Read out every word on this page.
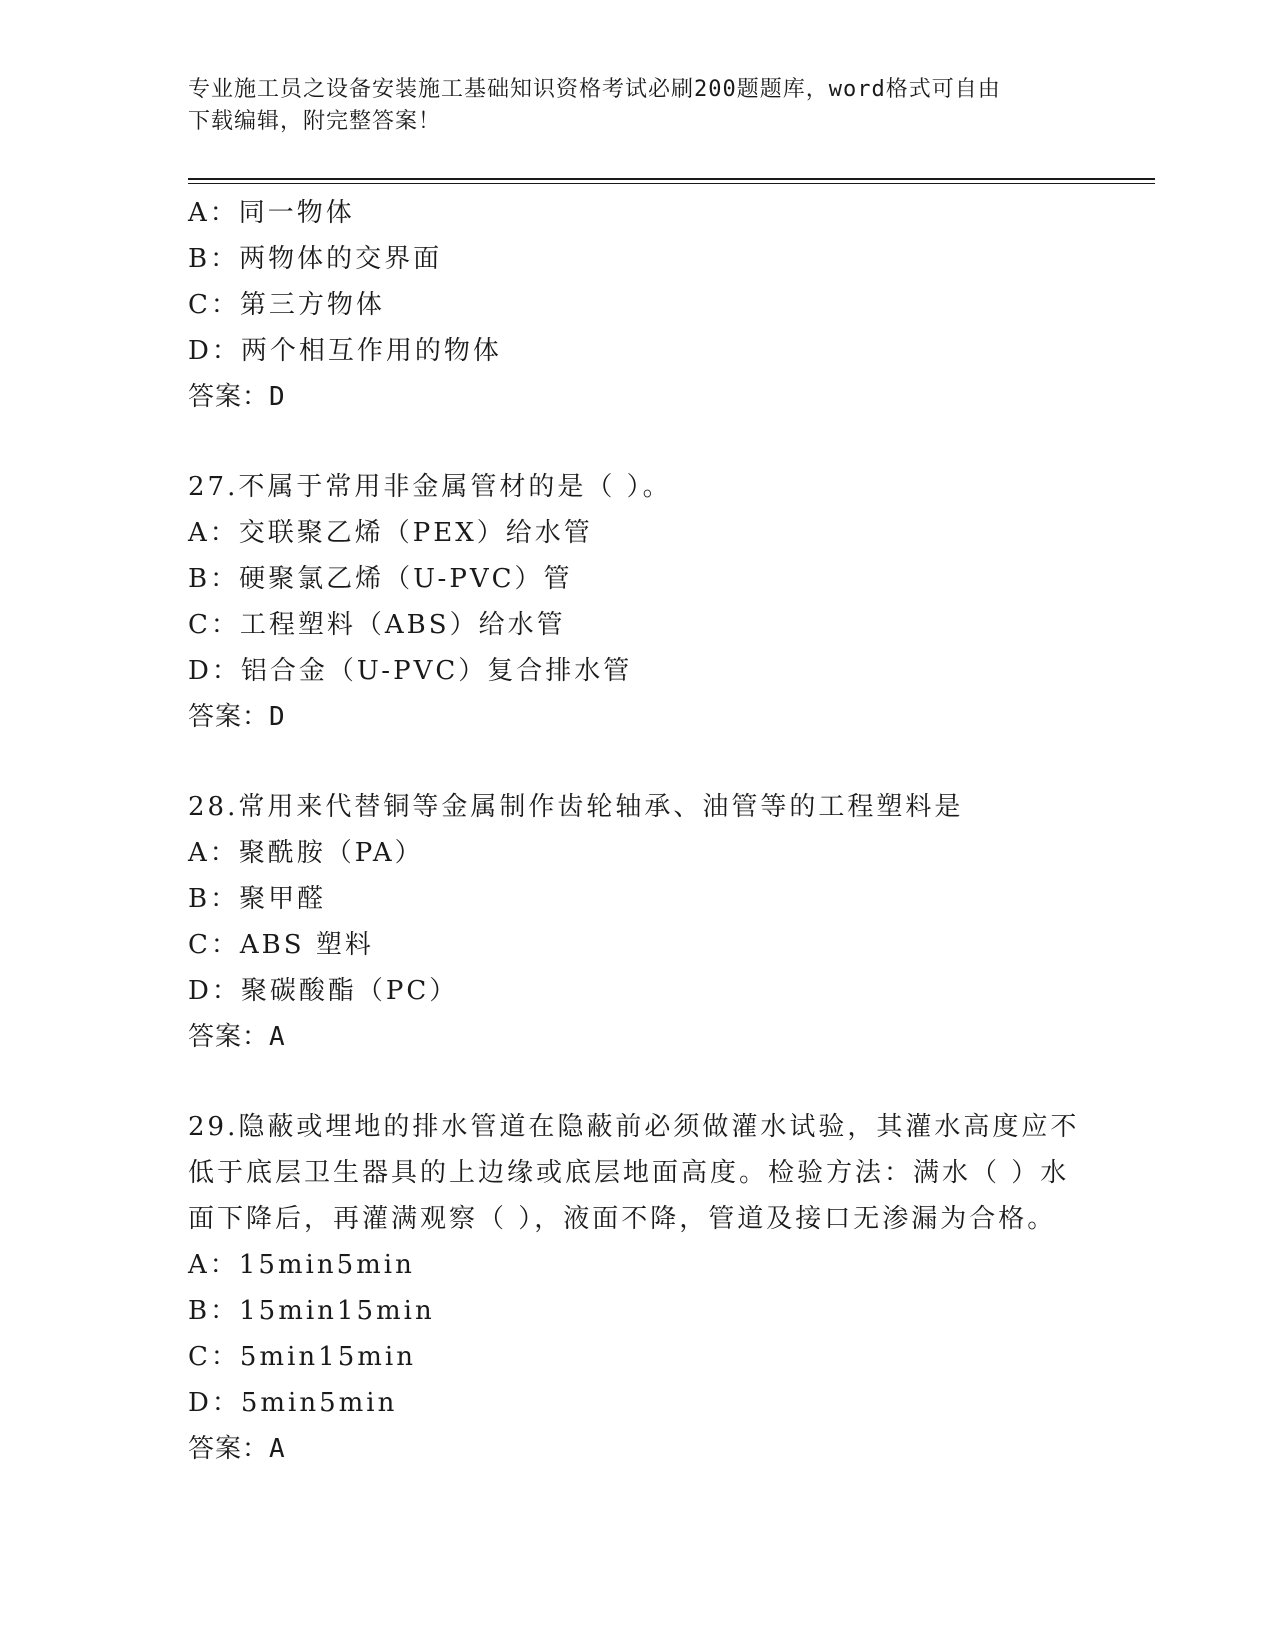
专业施工员之设备安装施工基础知识资格考试必刷200题题库，word格式可自由
下载编辑，附完整答案！
A：同一物体
B：两物体的交界面
C：第三方物体
D：两个相互作用的物体
答案：D
27.不属于常用非金属管材的是（ ）。
A：交联聚乙烯（PEX）给水管
B：硬聚氯乙烯（U-PVC）管
C：工程塑料（ABS）给水管
D：铝合金（U-PVC）复合排水管
答案：D
28.常用来代替铜等金属制作齿轮轴承、油管等的工程塑料是
A：聚酰胺（PA）
B：聚甲醛
C：ABS 塑料
D：聚碳酸酯（PC）
答案：A
29.隐蔽或埋地的排水管道在隐蔽前必须做灌水试验，其灌水高度应不
低于底层卫生器具的上边缘或底层地面高度。检验方法：满水（ ）水
面下降后，再灌满观察（ ），液面不降，管道及接口无渗漏为合格。
A：15min5min
B：15min15min
C：5min15min
D：5min5min
答案：A
